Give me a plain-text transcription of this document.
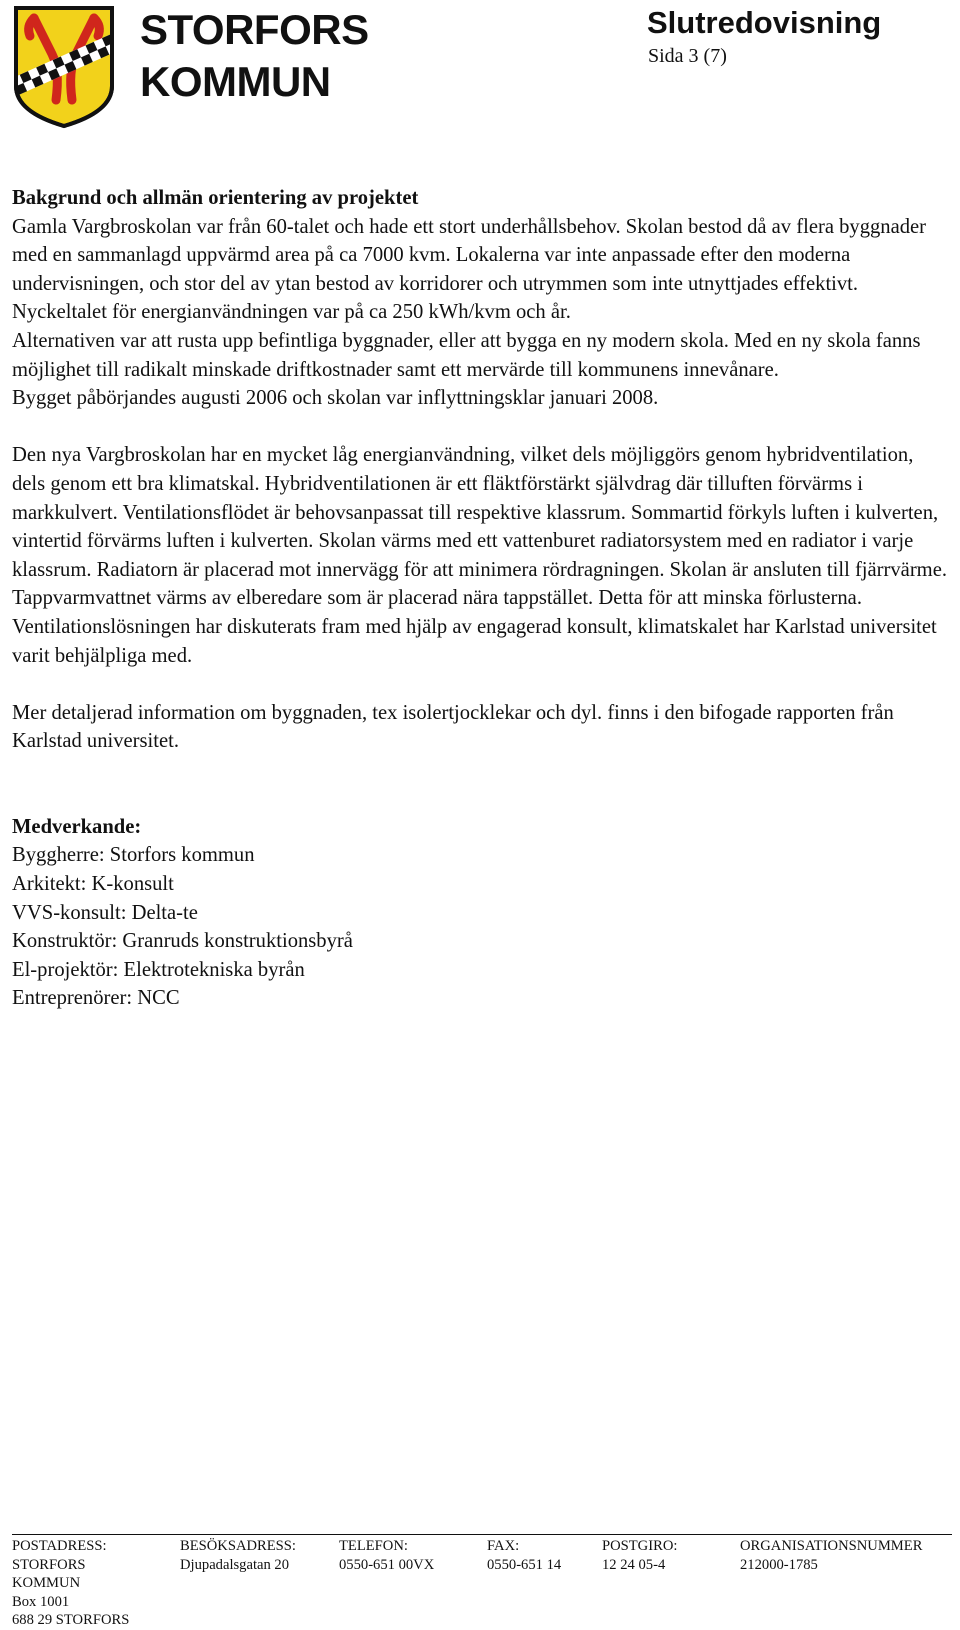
STORFORS
KOMMUN
Slutredovisning
Sida 3 (7)

Bakgrund och allmän orientering av projektet

Gamla Vargbroskolan var från 60-talet och hade ett stort underhållsbehov. Skolan bestod då av flera byggnader med en sammanlagd uppvärmd area på ca 7000 kvm. Lokalerna var inte anpassade efter den moderna undervisningen, och stor del av ytan bestod av korridorer och utrymmen som inte utnyttjades effektivt. Nyckeltalet för energianvändningen var på ca 250 kWh/kvm och år.

Alternativen var att rusta upp befintliga byggnader, eller att bygga en ny modern skola. Med en ny skola fanns möjlighet till radikalt minskade driftkostnader samt ett mervärde till kommunens innevånare.

Bygget påbörjandes augusti 2006 och skolan var inflyttningsklar januari 2008.

Den nya Vargbroskolan har en mycket låg energianvändning, vilket dels möjliggörs genom hybridventilation, dels genom ett bra klimatskal. Hybridventilationen är ett fläktförstärkt självdrag där tilluften förvärms i markkulvert. Ventilationsflödet är behovsanpassat till respektive klassrum. Sommartid förkyls luften i kulverten, vintertid förvärms luften i kulverten. Skolan värms med ett vattenburet radiatorsystem med en radiator i varje klassrum. Radiatorn är placerad mot innervägg för att minimera rördragningen. Skolan är ansluten till fjärrvärme. Tappvarmvattnet värms av elberedare som är placerad nära tappstället. Detta för att minska förlusterna. Ventilationslösningen har diskuterats fram med hjälp av engagerad konsult, klimatskalet har Karlstad universitet varit behjälpliga med.

Mer detaljerad information om byggnaden, tex isolertjocklekar och dyl. finns i den bifogade rapporten från Karlstad universitet.

Medverkande:

Byggherre: Storfors kommun

Arkitekt: K-konsult

VVS-konsult: Delta-te

Konstruktör: Granruds konstruktionsbyrå

El-projektör: Elektrotekniska byrån

Entreprenörer: NCC

POSTADRESS:
STORFORS
KOMMUN
Box 1001
688 29 STORFORS
BESÖKSADRESS:
Djupadalsgatan 20
TELEFON:
0550-651 00VX
FAX:
0550-651 14
POSTGIRO:
12 24 05-4
ORGANISATIONSNUMMER
212000-1785
